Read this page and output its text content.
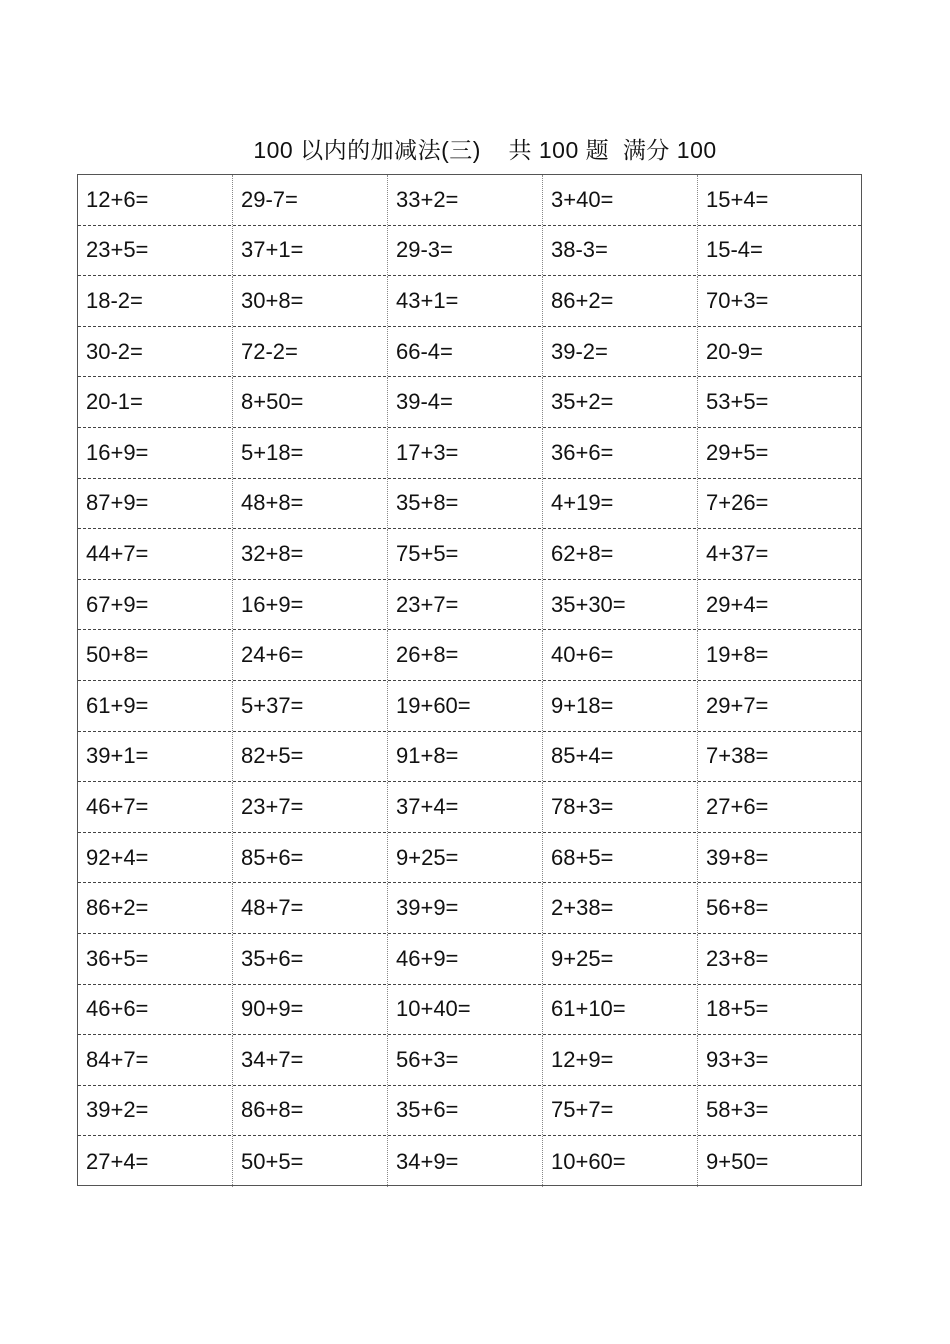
100 以内的加减法(三)    共 100 题  满分 100
12+6=	29-7=	33+2=	3+40=	15+4=
23+5=	37+1=	29-3=	38-3=	15-4=
18-2=	30+8=	43+1=	86+2=	70+3=
30-2=	72-2=	66-4=	39-2=	20-9=
20-1=	8+50=	39-4=	35+2=	53+5=
16+9=	5+18=	17+3=	36+6=	29+5=
87+9=	48+8=	35+8=	4+19=	7+26=
44+7=	32+8=	75+5=	62+8=	4+37=
67+9=	16+9=	23+7=	35+30=	29+4=
50+8=	24+6=	26+8=	40+6=	19+8=
61+9=	5+37=	19+60=	9+18=	29+7=
39+1=	82+5=	91+8=	85+4=	7+38=
46+7=	23+7=	37+4=	78+3=	27+6=
92+4=	85+6=	9+25=	68+5=	39+8=
86+2=	48+7=	39+9=	2+38=	56+8=
36+5=	35+6=	46+9=	9+25=	23+8=
46+6=	90+9=	10+40=	61+10=	18+5=
84+7=	34+7=	56+3=	12+9=	93+3=
39+2=	86+8=	35+6=	75+7=	58+3=
27+4=	50+5=	34+9=	10+60=	9+50=
